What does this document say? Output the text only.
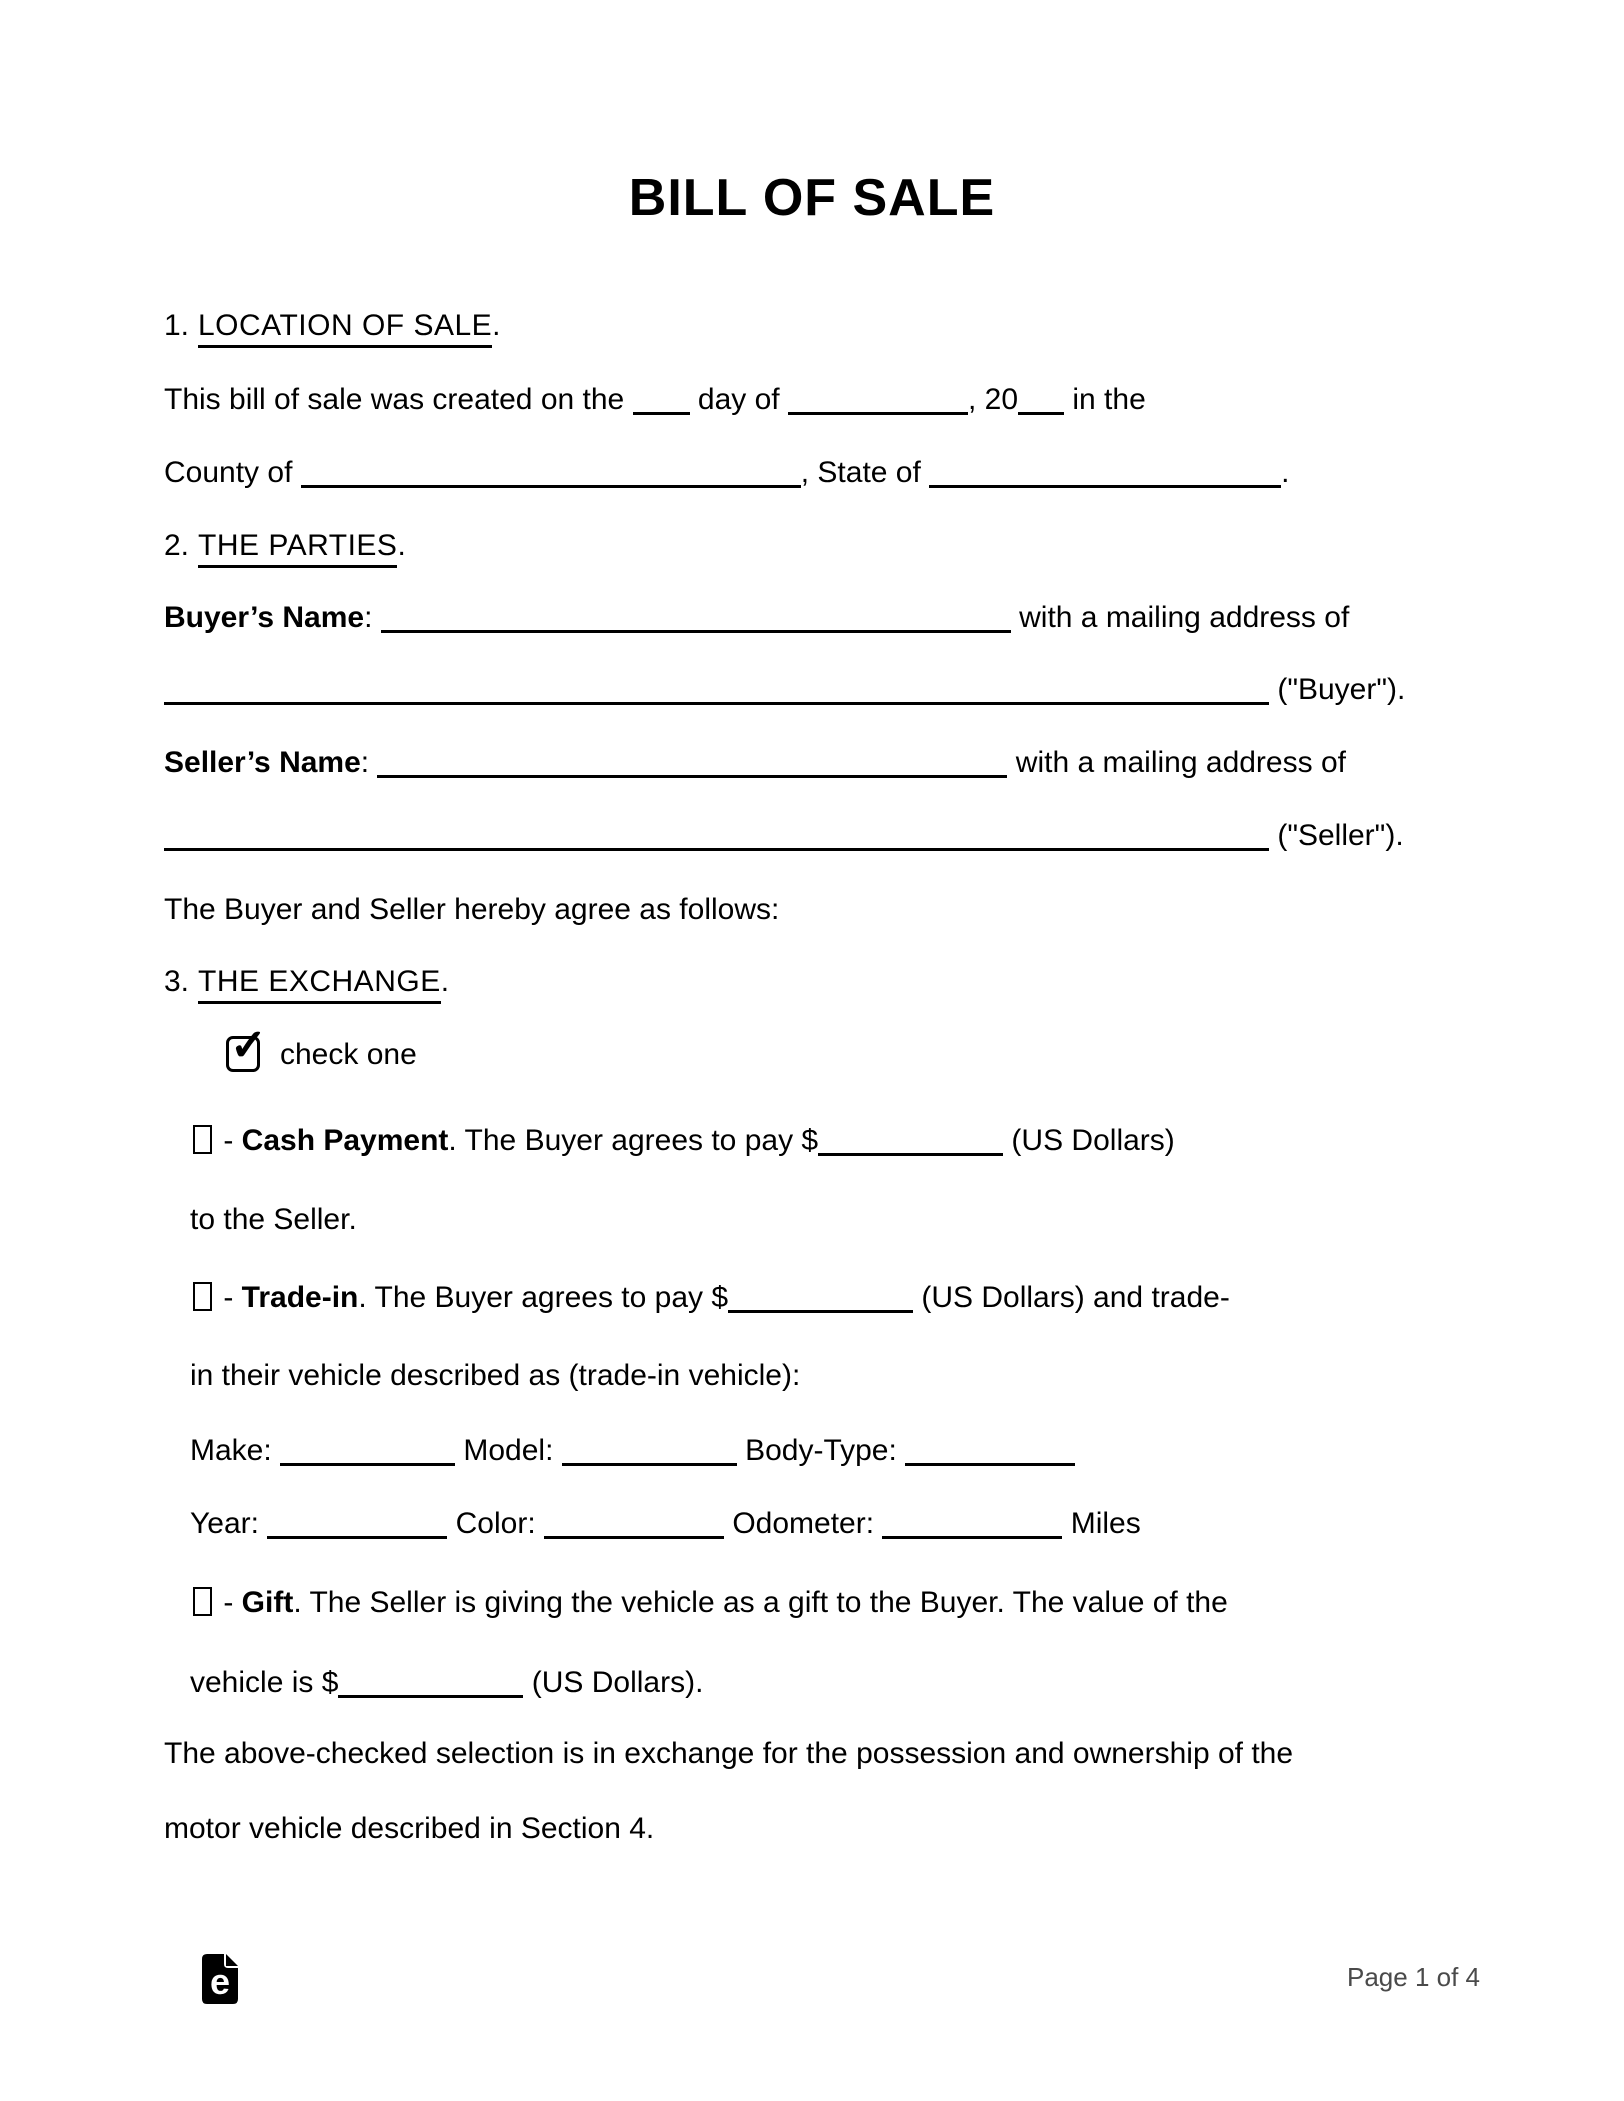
BILL OF SALE
1. LOCATION OF SALE.
This bill of sale was created on the  day of	, 20 in the
County of	, State of	.
2. THE PARTIES.
Buyer’s Name:	with a mailing address of
("Buyer").
Seller’s Name:	with a mailing address of
("Seller").
The Buyer and Seller hereby agree as follows:
3. THE EXCHANGE.
✓ check one
- Cash Payment. The Buyer agrees to pay $	(US Dollars)
to the Seller.
- Trade-in. The Buyer agrees to pay $	(US Dollars) and trade-
in their vehicle described as (trade-in vehicle):
Make:	Model:	Body-Type:
Year:	Color:	Odometer:	Miles
- Gift. The Seller is giving the vehicle as a gift to the Buyer. The value of the
vehicle is $	(US Dollars).
The above-checked selection is in exchange for the possession and ownership of the
motor vehicle described in Section 4.
e	Page 1 of 4
